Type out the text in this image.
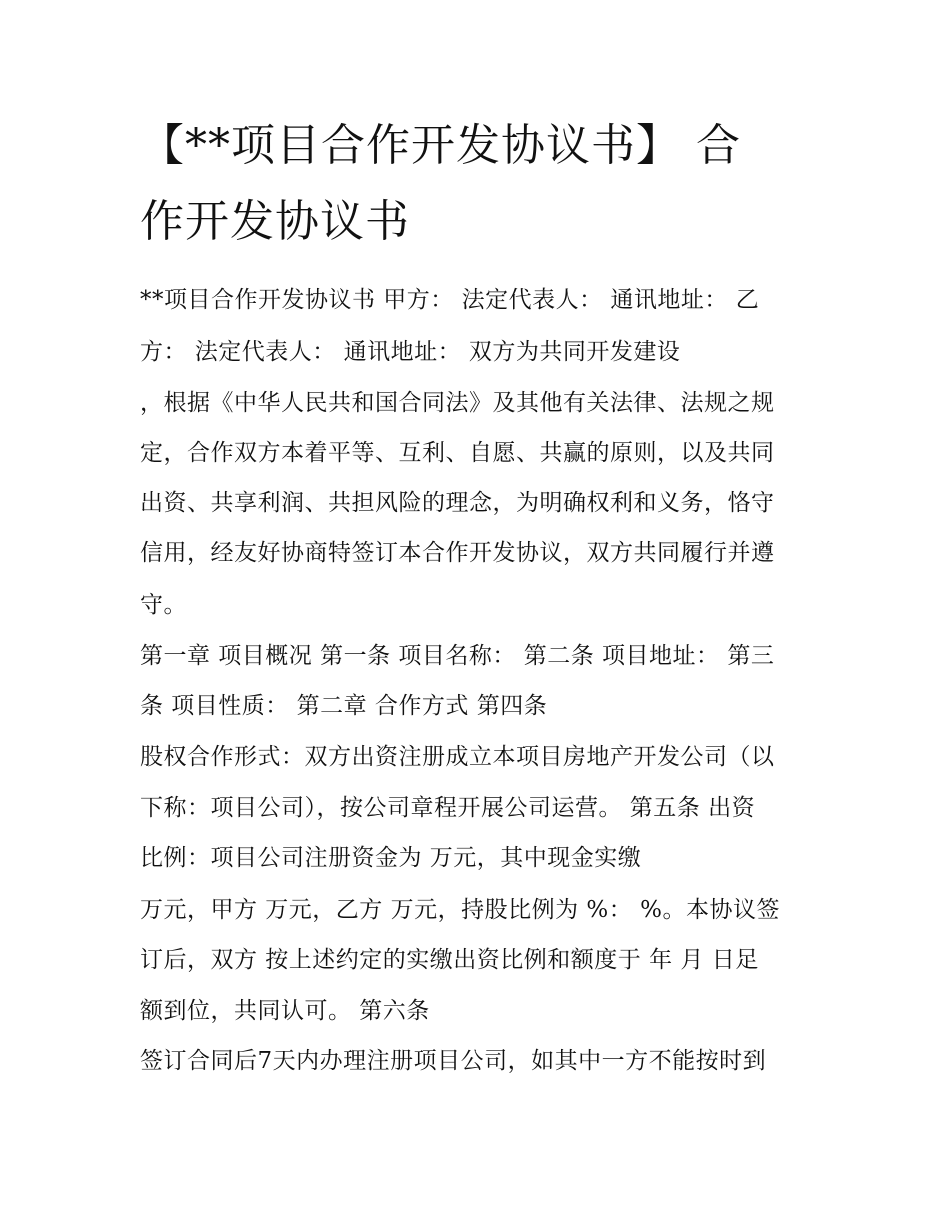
【**项目合作开发协议书】 合
作开发协议书
**项目合作开发协议书 甲方： 法定代表人： 通讯地址： 乙
方： 法定代表人： 通讯地址： 双方为共同开发建设
，根据《中华人民共和国合同法》及其他有关法律、法规之规
定，合作双方本着平等、互利、自愿、共赢的原则，以及共同
出资、共享利润、共担风险的理念，为明确权利和义务，恪守
信用，经友好协商特签订本合作开发协议，双方共同履行并遵
守。
第一章 项目概况 第一条 项目名称： 第二条 项目地址： 第三
条 项目性质： 第二章 合作方式 第四条
股权合作形式：双方出资注册成立本项目房地产开发公司（以
下称：项目公司），按公司章程开展公司运营。 第五条 出资
比例：项目公司注册资金为 万元，其中现金实缴
万元，甲方 万元，乙方 万元，持股比例为 %： %。本协议签
订后，双方 按上述约定的实缴出资比例和额度于 年 月 日足
额到位，共同认可。 第六条
签订合同后7天内办理注册项目公司，如其中一方不能按时到
